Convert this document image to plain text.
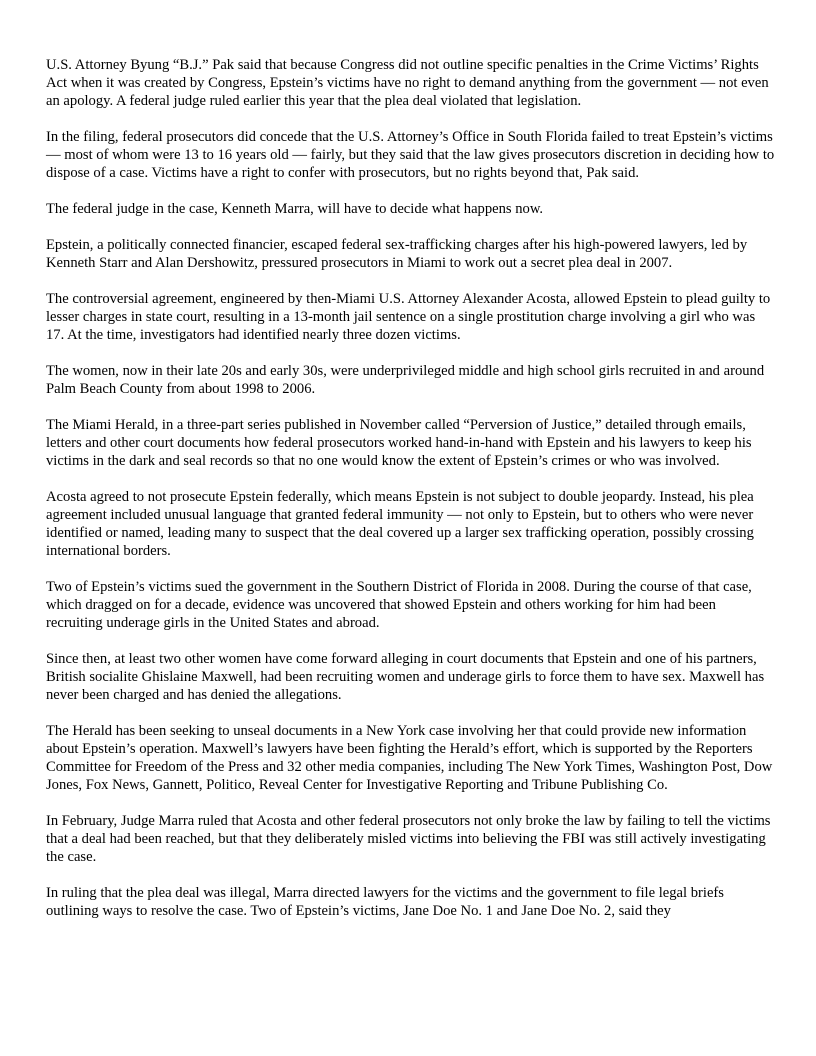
U.S. Attorney Byung “B.J.” Pak said that because Congress did not outline specific penalties in the Crime Victims’ Rights Act when it was created by Congress, Epstein’s victims have no right to demand anything from the government — not even an apology. A federal judge ruled earlier this year that the plea deal violated that legislation.

In the filing, federal prosecutors did concede that the U.S. Attorney’s Office in South Florida failed to treat Epstein’s victims — most of whom were 13 to 16 years old — fairly, but they said that the law gives prosecutors discretion in deciding how to dispose of a case. Victims have a right to confer with prosecutors, but no rights beyond that, Pak said.

The federal judge in the case, Kenneth Marra, will have to decide what happens now.

Epstein, a politically connected financier, escaped federal sex-trafficking charges after his high-powered lawyers, led by Kenneth Starr and Alan Dershowitz, pressured prosecutors in Miami to work out a secret plea deal in 2007.

The controversial agreement, engineered by then-Miami U.S. Attorney Alexander Acosta, allowed Epstein to plead guilty to lesser charges in state court, resulting in a 13-month jail sentence on a single prostitution charge involving a girl who was 17. At the time, investigators had identified nearly three dozen victims.

The women, now in their late 20s and early 30s, were underprivileged middle and high school girls recruited in and around Palm Beach County from about 1998 to 2006.

The Miami Herald, in a three-part series published in November called “Perversion of Justice,” detailed through emails, letters and other court documents how federal prosecutors worked hand-in-hand with Epstein and his lawyers to keep his victims in the dark and seal records so that no one would know the extent of Epstein’s crimes or who was involved.

Acosta agreed to not prosecute Epstein federally, which means Epstein is not subject to double jeopardy. Instead, his plea agreement included unusual language that granted federal immunity — not only to Epstein, but to others who were never identified or named, leading many to suspect that the deal covered up a larger sex trafficking operation, possibly crossing international borders.

Two of Epstein’s victims sued the government in the Southern District of Florida in 2008. During the course of that case, which dragged on for a decade, evidence was uncovered that showed Epstein and others working for him had been recruiting underage girls in the United States and abroad.

Since then, at least two other women have come forward alleging in court documents that Epstein and one of his partners, British socialite Ghislaine Maxwell, had been recruiting women and underage girls to force them to have sex. Maxwell has never been charged and has denied the allegations.

The Herald has been seeking to unseal documents in a New York case involving her that could provide new information about Epstein’s operation. Maxwell’s lawyers have been fighting the Herald’s effort, which is supported by the Reporters Committee for Freedom of the Press and 32 other media companies, including The New York Times, Washington Post, Dow Jones, Fox News, Gannett, Politico, Reveal Center for Investigative Reporting and Tribune Publishing Co.

In February, Judge Marra ruled that Acosta and other federal prosecutors not only broke the law by failing to tell the victims that a deal had been reached, but that they deliberately misled victims into believing the FBI was still actively investigating the case.

In ruling that the plea deal was illegal, Marra directed lawyers for the victims and the government to file legal briefs outlining ways to resolve the case. Two of Epstein’s victims, Jane Doe No. 1 and Jane Doe No. 2, said they
